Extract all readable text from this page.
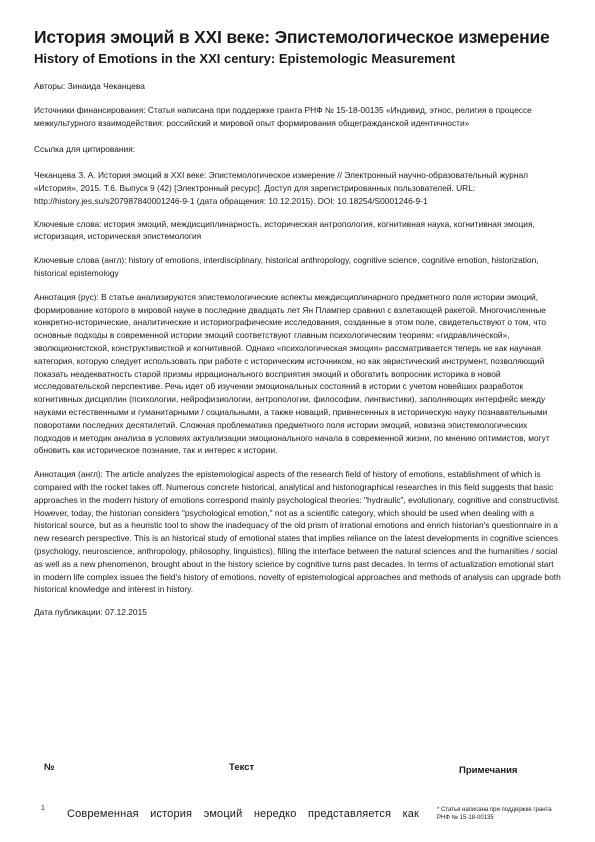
История эмоций в XXI веке: Эпистемологическое измерение
History of Emotions in the XXI century: Epistemologic Measurement

Авторы: Зинаида Чеканцева

Источники финансирования: Статья написана при поддержке гранта РНФ № 15-18-00135 «Индивид, этнос, религия в процессе межкультурного взаимодействия: российский и мировой опыт формирования общегражданской идентичности»

Ссылка для цитирования:

Чеканцева З. А. История эмоций в XXI веке: Эпистемологическое измерение // Электронный научно-образовательный журнал «История», 2015. Т.6. Выпуск 9 (42) [Электронный ресурс]. Доступ для зарегистрированных пользователей. URL: http://history.jes.su/s207987840001246-9-1 (дата обращения: 10.12.2015). DOI: 10.18254/S0001246-9-1

Ключевые слова: история эмоций, междисциплинарность, историческая антропология, когнитивная наука, когнитивная эмоция, историзация, историческая эпистемология

Ключевые слова (англ): history of emotions, interdisciplinary, historical anthropology, cognitive science, cognitive emotion, historization, historical epistemology

Аннотация (рус): В статье анализируются эпистемологические аспекты междисциплинарного предметного поля истории эмоций, формирование которого в мировой науке в последние двадцать лет Ян Плампер сравнил с взлетающей ракетой. Многочисленные конкретно-исторические, аналитические и историографические исследования, созданные в этом поле, свидетельствуют о том, что основные подходы в современной истории эмоций соответствуют главным психологическим теориям: «гидравлической», эволюционистской, конструктивисткой и когнитивной. Однако «психологическая эмоция» рассматривается теперь не как научная категория, которую следует использовать при работе с историческим источником, но как эвристический инструмент, позволяющий показать неадекватность старой призмы иррационального восприятия эмоций и обогатить вопросник историка в новой исследовательской перспективе. Речь идет об изучении эмоциональных состояний в истории с учетом новейших разработок когнитивных дисциплин (психологии, нейрофизиологии, антропологии, философии, лингвистики), заполняющих интерфейс между науками естественными и гуманитарными / социальными, а также новаций, привнесенных в историческую науку познавательными поворотами последних десятилетий. Сложная проблематика предметного поля истории эмоций, новизна эпистемологических подходов и методик анализа в условиях актуализации эмоционального начала в современной жизни, по мнению оптимистов, могут обновить как историческое познание, так и интерес к истории.

Аннотация (англ): The article analyzes the epistemological aspects of the research field of history of emotions, establishment of which is compared with the rocket takes off. Numerous concrete historical, analytical and historiographical researches in this field suggests that basic approaches in the modern history of emotions correspond mainly psychological theories: "hydraulic", evolutionary, cognitive and constructivist. However, today, the historian considers "psychological emotion," not as a scientific category, which should be used when dealing with a historical source, but as a heuristic tool to show the inadequacy of the old prism of irrational emotions and enrich historian's questionnaire in a new research perspective. This is an historical study of emotional states that implies reliance on the latest developments in cognitive sciences (psychology, neuroscience, anthropology, philosophy, linguistics), filling the interface between the natural sciences and the humanities / social as well as a new phenomenon, brought about in the history science by cognitive turns past decades. In terms of actualization emotional start in modern life complex issues the field's history of emotions, novelty of epistemological approaches and methods of analysis can upgrade both historical knowledge and interest in history.

Дата публикации: 07.12.2015

№	Текст	Примечания
1 Современная история эмоций нередко представляется как	* Статья написана при поддержке гранта РНФ № 15-18-00135
